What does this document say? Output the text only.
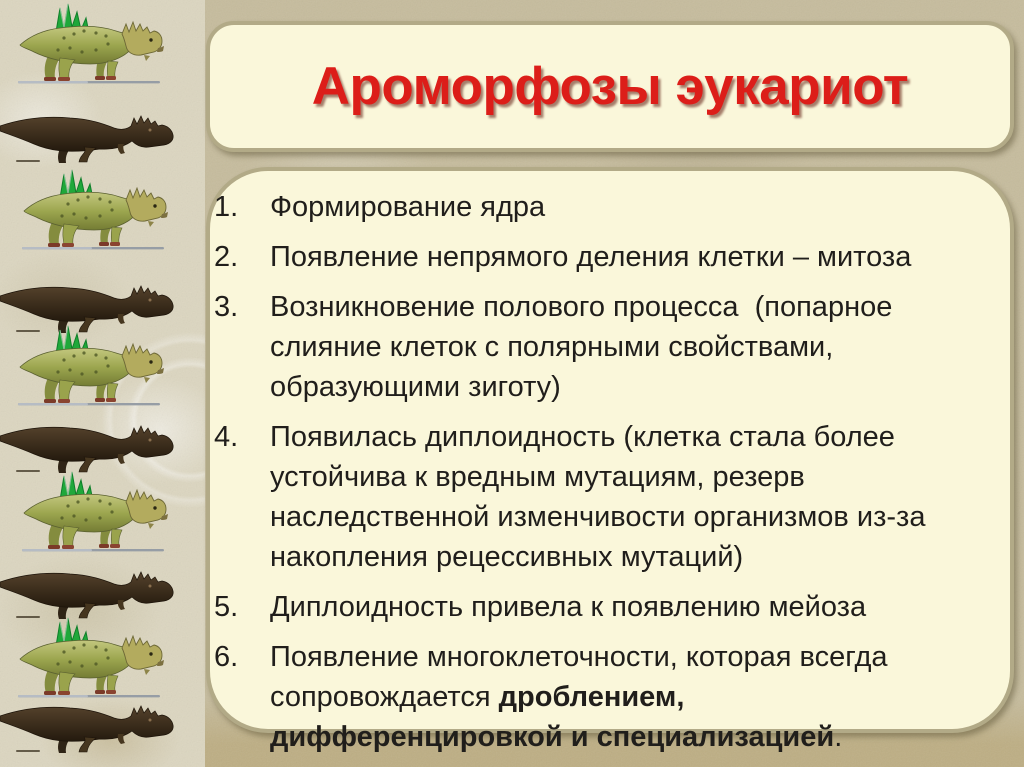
Ароморфозы эукариот
1.	Формирование ядра
2.	Появление непрямого деления клетки – митоза
3.	Возникновение полового процесса  (попарное
слияние клеток с полярными свойствами,
образующими зиготу)
4.	Появилась диплоидность (клетка стала более
устойчива к вредным мутациям, резерв
наследственной изменчивости организмов из-за
накопления рецессивных мутаций)
5.	Диплоидность привела к появлению мейоза
6.	Появление многоклеточности, которая всегда
сопровождается дроблением,
дифференцировкой и специализацией.
